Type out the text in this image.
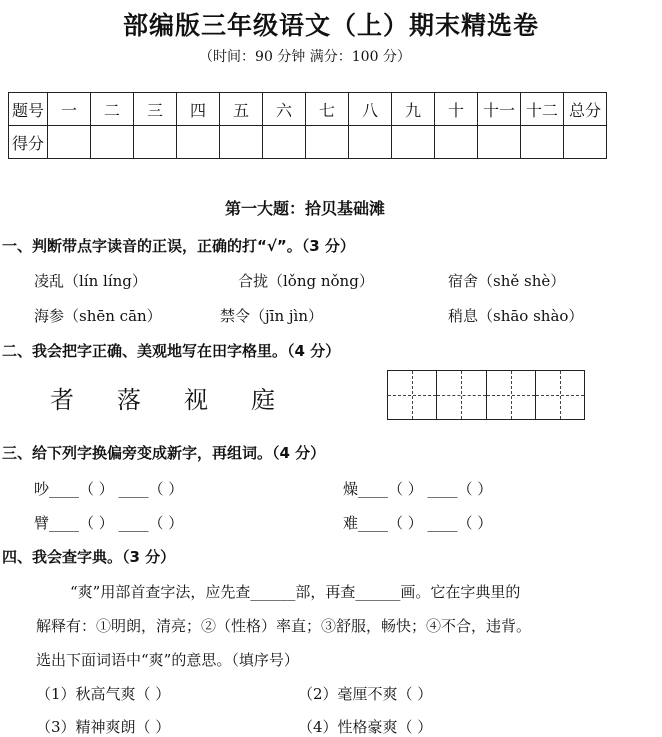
部编版三年级语文（上）期末精选卷
（时间：90 分钟 满分：100 分）
题号	一	二	三	四	五	六	七	八	九	十	十一	十二	总分
得分													
第一大题：拾贝基础滩
一、判断带点字读音的正误，正确的打“√”。（3 分）
凌乱（lín líng）	合拢（lǒng nǒng）	宿舍（shě shè）
海参（shēn cān）	禁令（jīn jìn）	稍息（shāo shào）
二、我会把字正确、美观地写在田字格里。（4 分）
者 落 视 庭
三、给下列字换偏旁变成新字，再组词。（4 分）
吵____（ ） ____（ ）	燥____（ ） ____（ ）
臂____（ ） ____（ ）	难____（ ） ____（ ）
四、我会查字典。（3 分）
“爽”用部首查字法，应先查______部，再查______画。它在字典里的
解释有：①明朗，清亮；②（性格）率直；③舒服，畅快；④不合，违背。
选出下面词语中“爽”的意思。（填序号）
（1）秋高气爽（ ）	（2）毫厘不爽（ ）
（3）精神爽朗（ ）	（4）性格豪爽（ ）
